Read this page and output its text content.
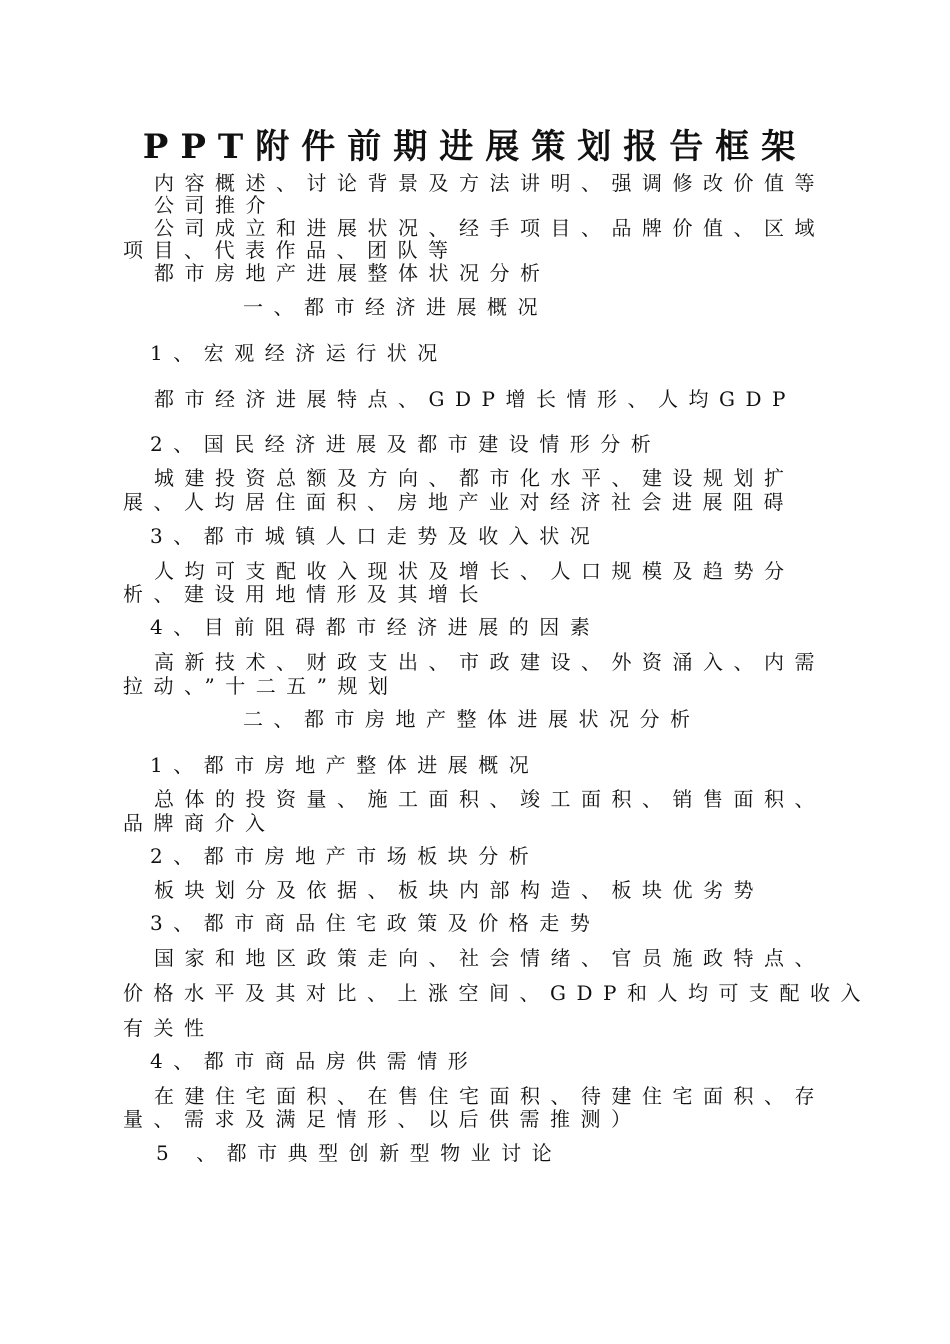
PPT附件前期进展策划报告框架
内容概述、讨论背景及方法讲明、强调修改价值等
公司推介
公司成立和进展状况、经手项目、品牌价值、区域
项目、代表作品、团队等
都市房地产进展整体状况分析
一、都市经济进展概况
1、宏观经济运行状况
都市经济进展特点、GDP增长情形、人均GDP
2、国民经济进展及都市建设情形分析
城建投资总额及方向、都市化水平、建设规划扩
展、人均居住面积、房地产业对经济社会进展阻碍
3、都市城镇人口走势及收入状况
人均可支配收入现状及增长、人口规模及趋势分
析、建设用地情形及其增长
4、目前阻碍都市经济进展的因素
高新技术、财政支出、市政建设、外资涌入、内需
拉动、”十二五”规划
二、都市房地产整体进展状况分析
1、都市房地产整体进展概况
总体的投资量、施工面积、竣工面积、销售面积、
品牌商介入
2、都市房地产市场板块分析
板块划分及依据、板块内部构造、板块优劣势
3、都市商品住宅政策及价格走势
国家和地区政策走向、社会情绪、官员施政特点、
价格水平及其对比、上涨空间、GDP和人均可支配收入
有关性
4、都市商品房供需情形
在建住宅面积、在售住宅面积、待建住宅面积、存
量、需求及满足情形、以后供需推测）
5 、都市典型创新型物业讨论
